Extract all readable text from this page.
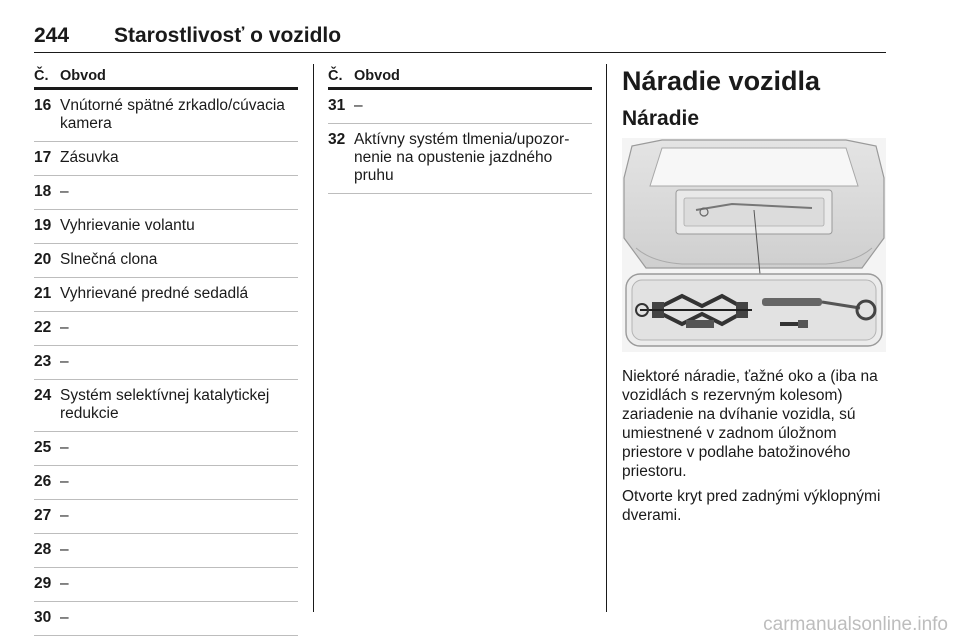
244 Starostlivosť o vozidlo
Č. Obvod
16 Vnútorné spätné zrkadlo/cúvacia kamera
17 Zásuvka
18 –
19 Vyhrievanie volantu
20 Slnečná clona
21 Vyhrievané predné sedadlá
22 –
23 –
24 Systém selektívnej katalytickej redukcie
25 –
26 –
27 –
28 –
29 –
30 –
Č. Obvod
31 –
32 Aktívny systém tlmenia/upozor-nenie na opustenie jazdného pruhu
Náradie vozidla
Náradie

Niektoré náradie, ťažné oko a (iba na vozidlách s rezervným kolesom) zariadenie na dvíhanie vozidla, sú umiestnené v zadnom úložnom priestore v podlahe batožinového priestoru.

Otvorte kryt pred zadnými výklopnými dverami.

carmanualsonline.info
